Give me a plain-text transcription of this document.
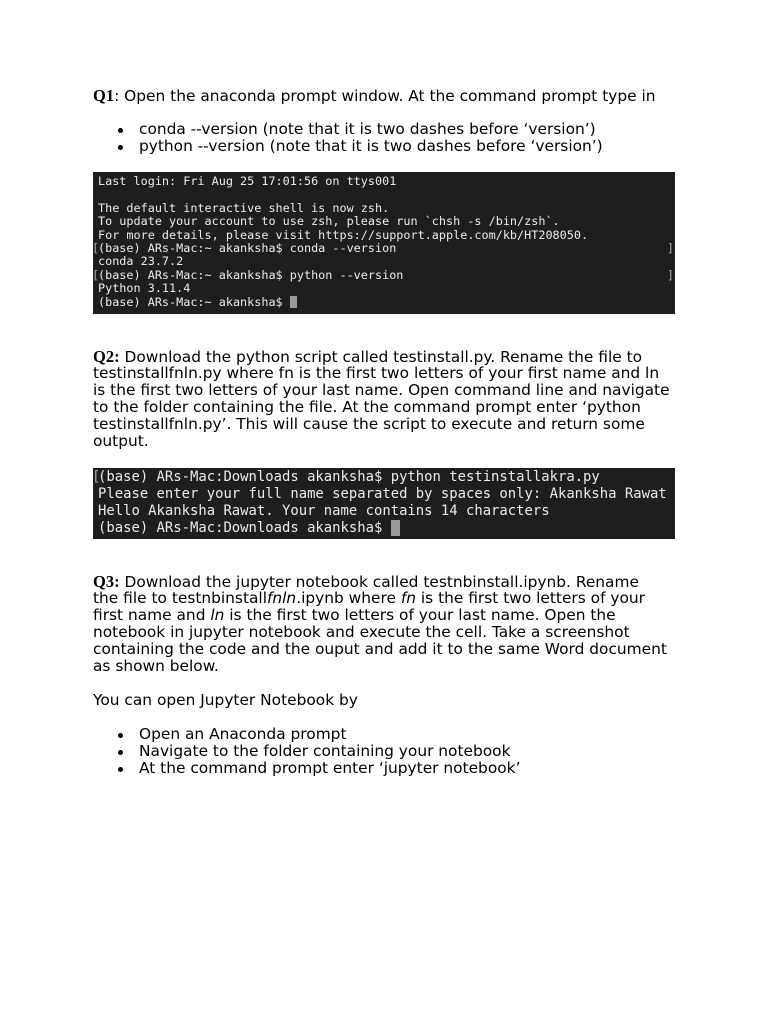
Q1: Open the anaconda prompt window. At the command prompt type in
conda --version (note that it is two dashes before ‘version’)
python --version (note that it is two dashes before ‘version’)
Last login: Fri Aug 25 17:01:56 on ttys001
The default interactive shell is now zsh.
To update your account to use zsh, please run `chsh -s /bin/zsh`.
For more details, please visit https://support.apple.com/kb/HT208050.
[
(base) ARs-Mac:~ akanksha$ conda --version	]
conda 23.7.2
[
(base) ARs-Mac:~ akanksha$ python --version	]
Python 3.11.4
(base) ARs-Mac:~ akanksha$
Q2: Download the python script called testinstall.py. Rename the file to
testinstallfnln.py where fn is the first two letters of your first name and ln
is the first two letters of your last name. Open command line and navigate
to the folder containing the file. At the command prompt enter ‘python
testinstallfnln.py’. This will cause the script to execute and return some
output.
[
(base) ARs-Mac:Downloads akanksha$ python testinstallakra.py
Please enter your full name separated by spaces only: Akanksha Rawat
Hello Akanksha Rawat. Your name contains 14 characters
(base) ARs-Mac:Downloads akanksha$
Q3: Download the jupyter notebook called testnbinstall.ipynb. Rename
the file to testnbinstallfnln.ipynb where fn is the first two letters of your
first name and ln is the first two letters of your last name. Open the
notebook in jupyter notebook and execute the cell. Take a screenshot
containing the code and the ouput and add it to the same Word document
as shown below.
You can open Jupyter Notebook by
Open an Anaconda prompt
Navigate to the folder containing your notebook
At the command prompt enter ‘jupyter notebook’
